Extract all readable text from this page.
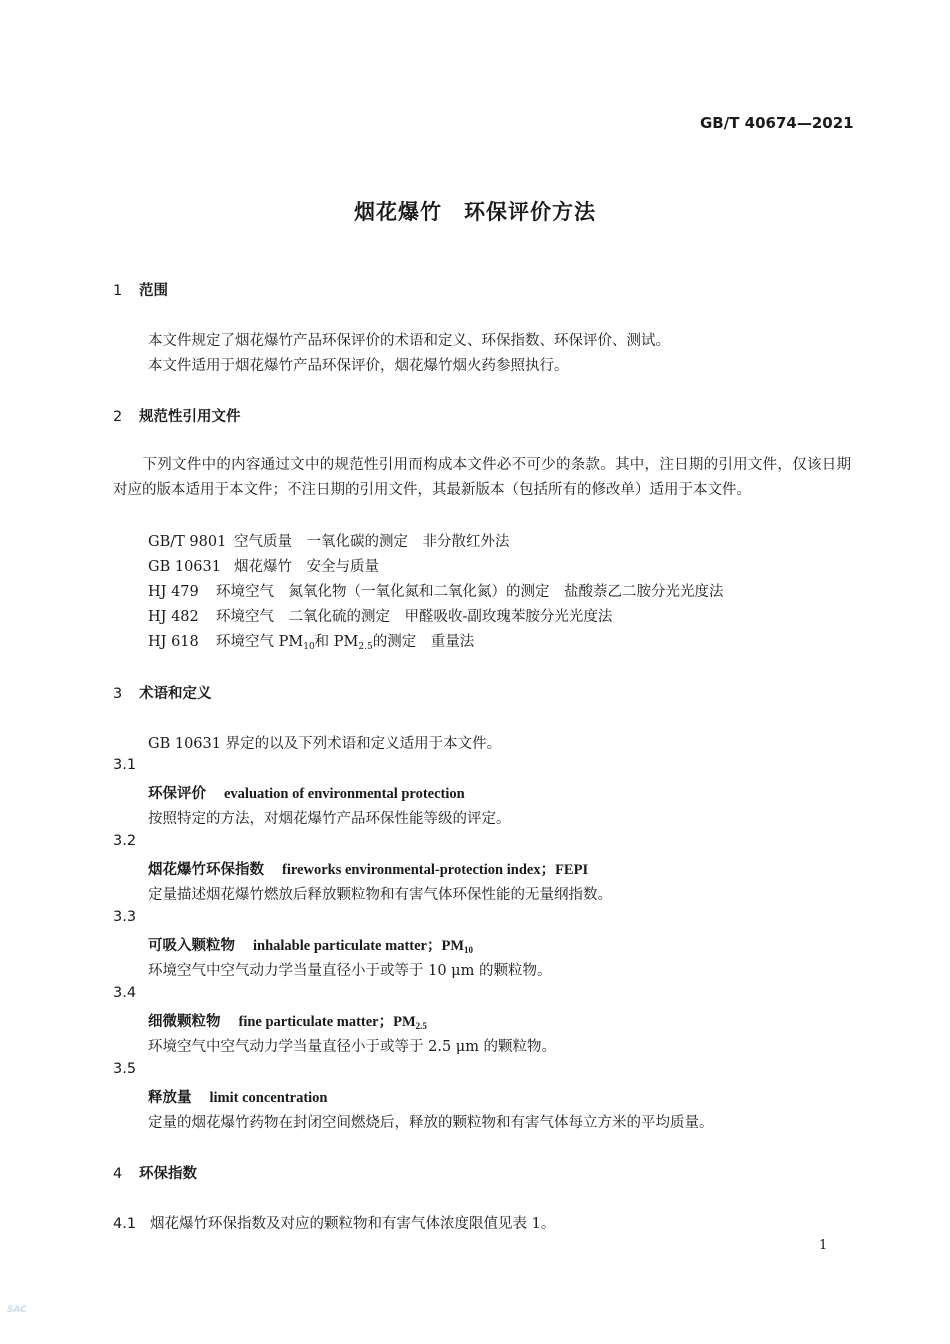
GB/T 40674—2021
烟花爆竹　环保评价方法
1 范围
本文件规定了烟花爆竹产品环保评价的术语和定义、环保指数、环保评价、测试。
本文件适用于烟花爆竹产品环保评价，烟花爆竹烟火药参照执行。
2 规范性引用文件
　　下列文件中的内容通过文中的规范性引用而构成本文件必不可少的条款。其中，注日期的引用文件，仅该日期对应的版本适用于本文件；不注日期的引用文件，其最新版本（包括所有的修改单）适用于本文件。
GB/T 9801 空气质量　一氧化碳的测定　非分散红外法
GB 10631 烟花爆竹　安全与质量
HJ 479 环境空气　氮氧化物（一氧化氮和二氧化氮）的测定　盐酸萘乙二胺分光光度法
HJ 482 环境空气　二氧化硫的测定　甲醛吸收-副玫瑰苯胺分光光度法
HJ 618 环境空气 PM10和 PM2.5的测定　重量法
3 术语和定义
GB 10631 界定的以及下列术语和定义适用于本文件。
3.1
环保评价 evaluation of environmental protection
按照特定的方法，对烟花爆竹产品环保性能等级的评定。
3.2
烟花爆竹环保指数 fireworks environmental-protection index；FEPI
定量描述烟花爆竹燃放后释放颗粒物和有害气体环保性能的无量纲指数。
3.3
可吸入颗粒物 inhalable particulate matter；$PM_{10}$
环境空气中空气动力学当量直径小于或等于 10 μm 的颗粒物。
3.4
细微颗粒物 fine particulate matter；$PM_{2.5}$
环境空气中空气动力学当量直径小于或等于 2.5 μm 的颗粒物。
3.5
释放量 limit concentration
定量的烟花爆竹药物在封闭空间燃烧后，释放的颗粒物和有害气体每立方米的平均质量。
4 环保指数
4.1 烟花爆竹环保指数及对应的颗粒物和有害气体浓度限值见表 1。
1
SAC
